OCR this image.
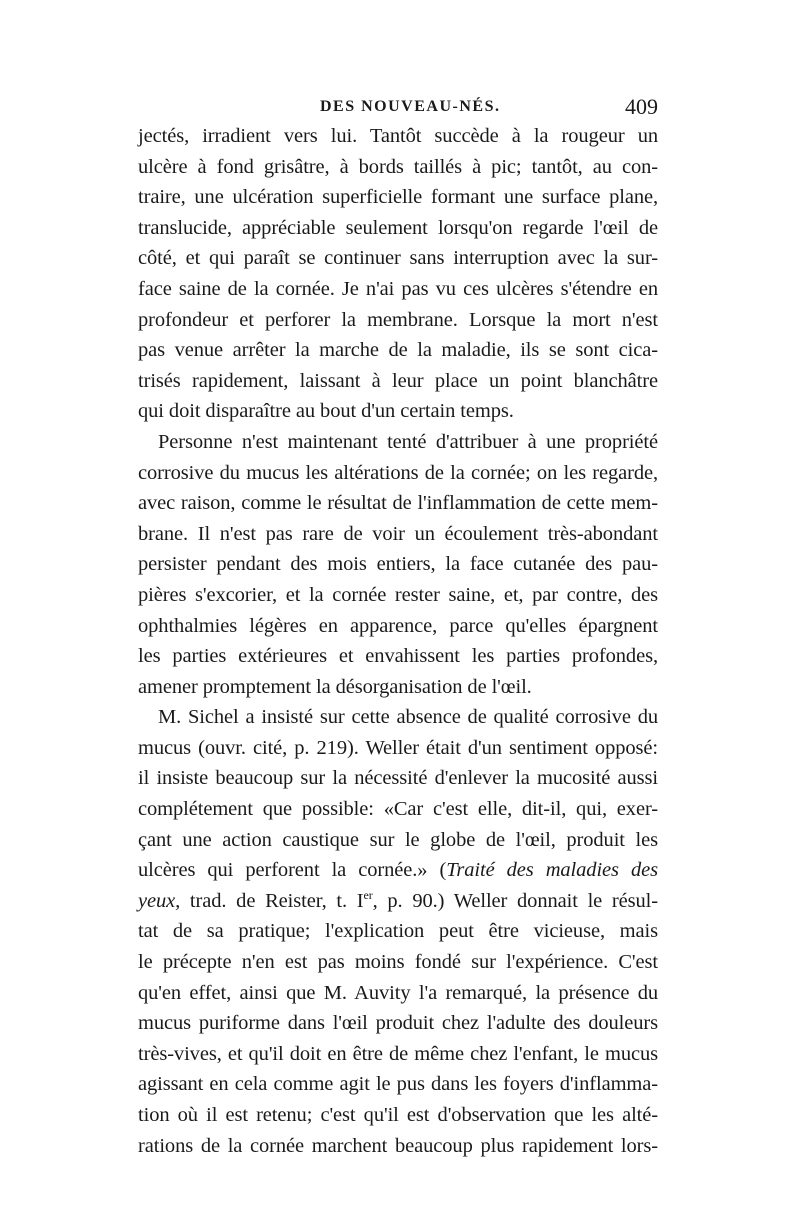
DES NOUVEAU-NÉS.	409
jectés, irradient vers lui. Tantôt succède à la rougeur un
ulcère à fond grisâtre, à bords taillés à pic; tantôt, au con-
traire, une ulcération superficielle formant une surface plane,
translucide, appréciable seulement lorsqu'on regarde l'œil de
côté, et qui paraît se continuer sans interruption avec la sur-
face saine de la cornée. Je n'ai pas vu ces ulcères s'étendre en
profondeur et perforer la membrane. Lorsque la mort n'est
pas venue arrêter la marche de la maladie, ils se sont cica-
trisés rapidement, laissant à leur place un point blanchâtre
qui doit disparaître au bout d'un certain temps.
Personne n'est maintenant tenté d'attribuer à une propriété
corrosive du mucus les altérations de la cornée; on les regarde,
avec raison, comme le résultat de l'inflammation de cette mem-
brane. Il n'est pas rare de voir un écoulement très-abondant
persister pendant des mois entiers, la face cutanée des pau-
pières s'excorier, et la cornée rester saine, et, par contre, des
ophthalmies légères en apparence, parce qu'elles épargnent
les parties extérieures et envahissent les parties profondes,
amener promptement la désorganisation de l'œil.
M. Sichel a insisté sur cette absence de qualité corrosive du
mucus (ouvr. cité, p. 219). Weller était d'un sentiment opposé:
il insiste beaucoup sur la nécessité d'enlever la mucosité aussi
complétement que possible: «Car c'est elle, dit-il, qui, exer-
çant une action caustique sur le globe de l'œil, produit les
ulcères qui perforent la cornée.» (Traité des maladies des
yeux, trad. de Reister, t. Ier, p. 90.) Weller donnait le résul-
tat de sa pratique; l'explication peut être vicieuse, mais
le précepte n'en est pas moins fondé sur l'expérience. C'est
qu'en effet, ainsi que M. Auvity l'a remarqué, la présence du
mucus puriforme dans l'œil produit chez l'adulte des douleurs
très-vives, et qu'il doit en être de même chez l'enfant, le mucus
agissant en cela comme agit le pus dans les foyers d'inflamma-
tion où il est retenu; c'est qu'il est d'observation que les alté-
rations de la cornée marchent beaucoup plus rapidement lors-
